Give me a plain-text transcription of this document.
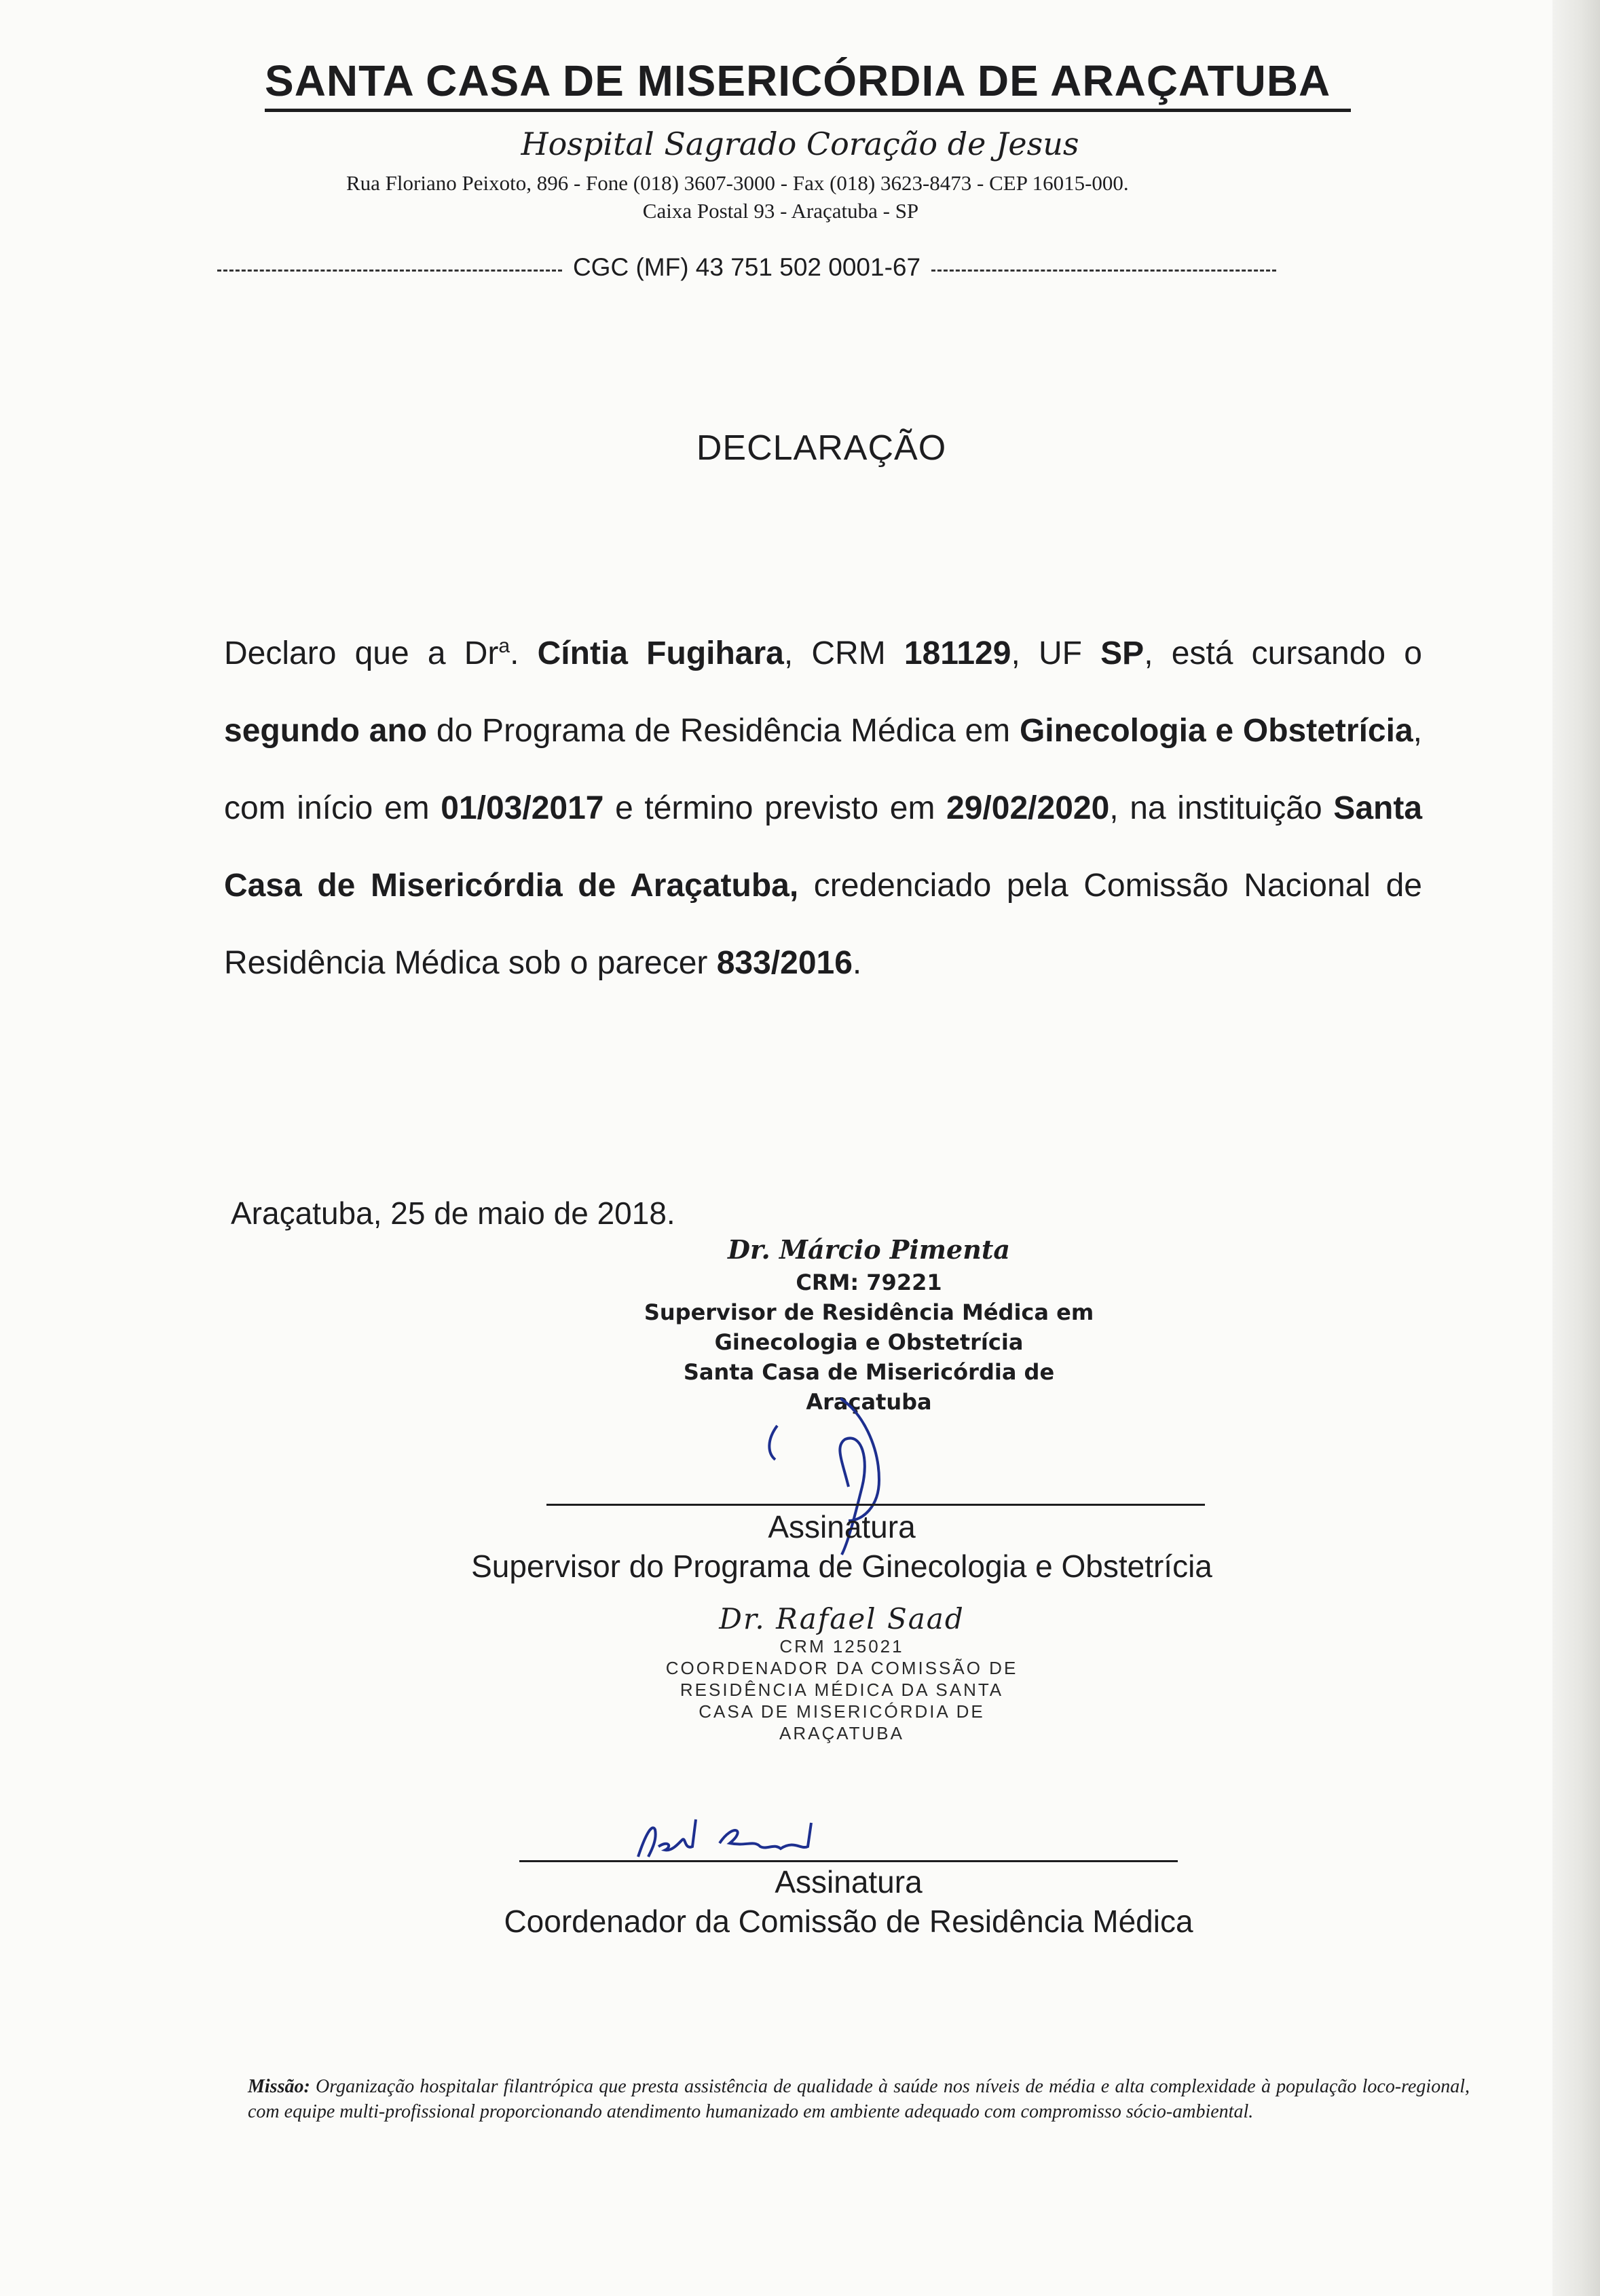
SANTA CASA DE MISERICÓRDIA DE ARAÇATUBA
Hospital Sagrado Coração de Jesus
Rua Floriano Peixoto, 896 - Fone (018) 3607-3000 - Fax (018) 3623-8473 - CEP 16015-000.
Caixa Postal 93 - Araçatuba - SP
CGC (MF) 43 751 502 0001-67
DECLARAÇÃO
Declaro que a Dr$^a$. Cíntia Fugihara, CRM 181129, UF SP, está cursando o segundo ano do Programa de Residência Médica em Ginecologia e Obstetrícia, com início em 01/03/2017 e término previsto em 29/02/2020, na instituição Santa Casa de Misericórdia de Araçatuba, credenciado pela Comissão Nacional de Residência Médica sob o parecer 833/2016.
Araçatuba, 25 de maio de 2018.
Dr. Márcio Pimenta
CRM: 79221
Supervisor de Residência Médica em
Ginecologia e Obstetrícia
Santa Casa de Misericórdia de
Araçatuba
Assinatura
Supervisor do Programa de Ginecologia e Obstetrícia
Dr. Rafael Saad
CRM 125021
COORDENADOR DA COMISSÃO DE
RESIDÊNCIA MÉDICA DA SANTA
CASA DE MISERICÓRDIA DE
ARAÇATUBA
Assinatura
Coordenador da Comissão de Residência Médica
Missão: Organização hospitalar filantrópica que presta assistência de qualidade à saúde nos níveis de média e alta complexidade à população loco-regional, com equipe multi-profissional proporcionando atendimento humanizado em ambiente adequado com compromisso sócio-ambiental.
